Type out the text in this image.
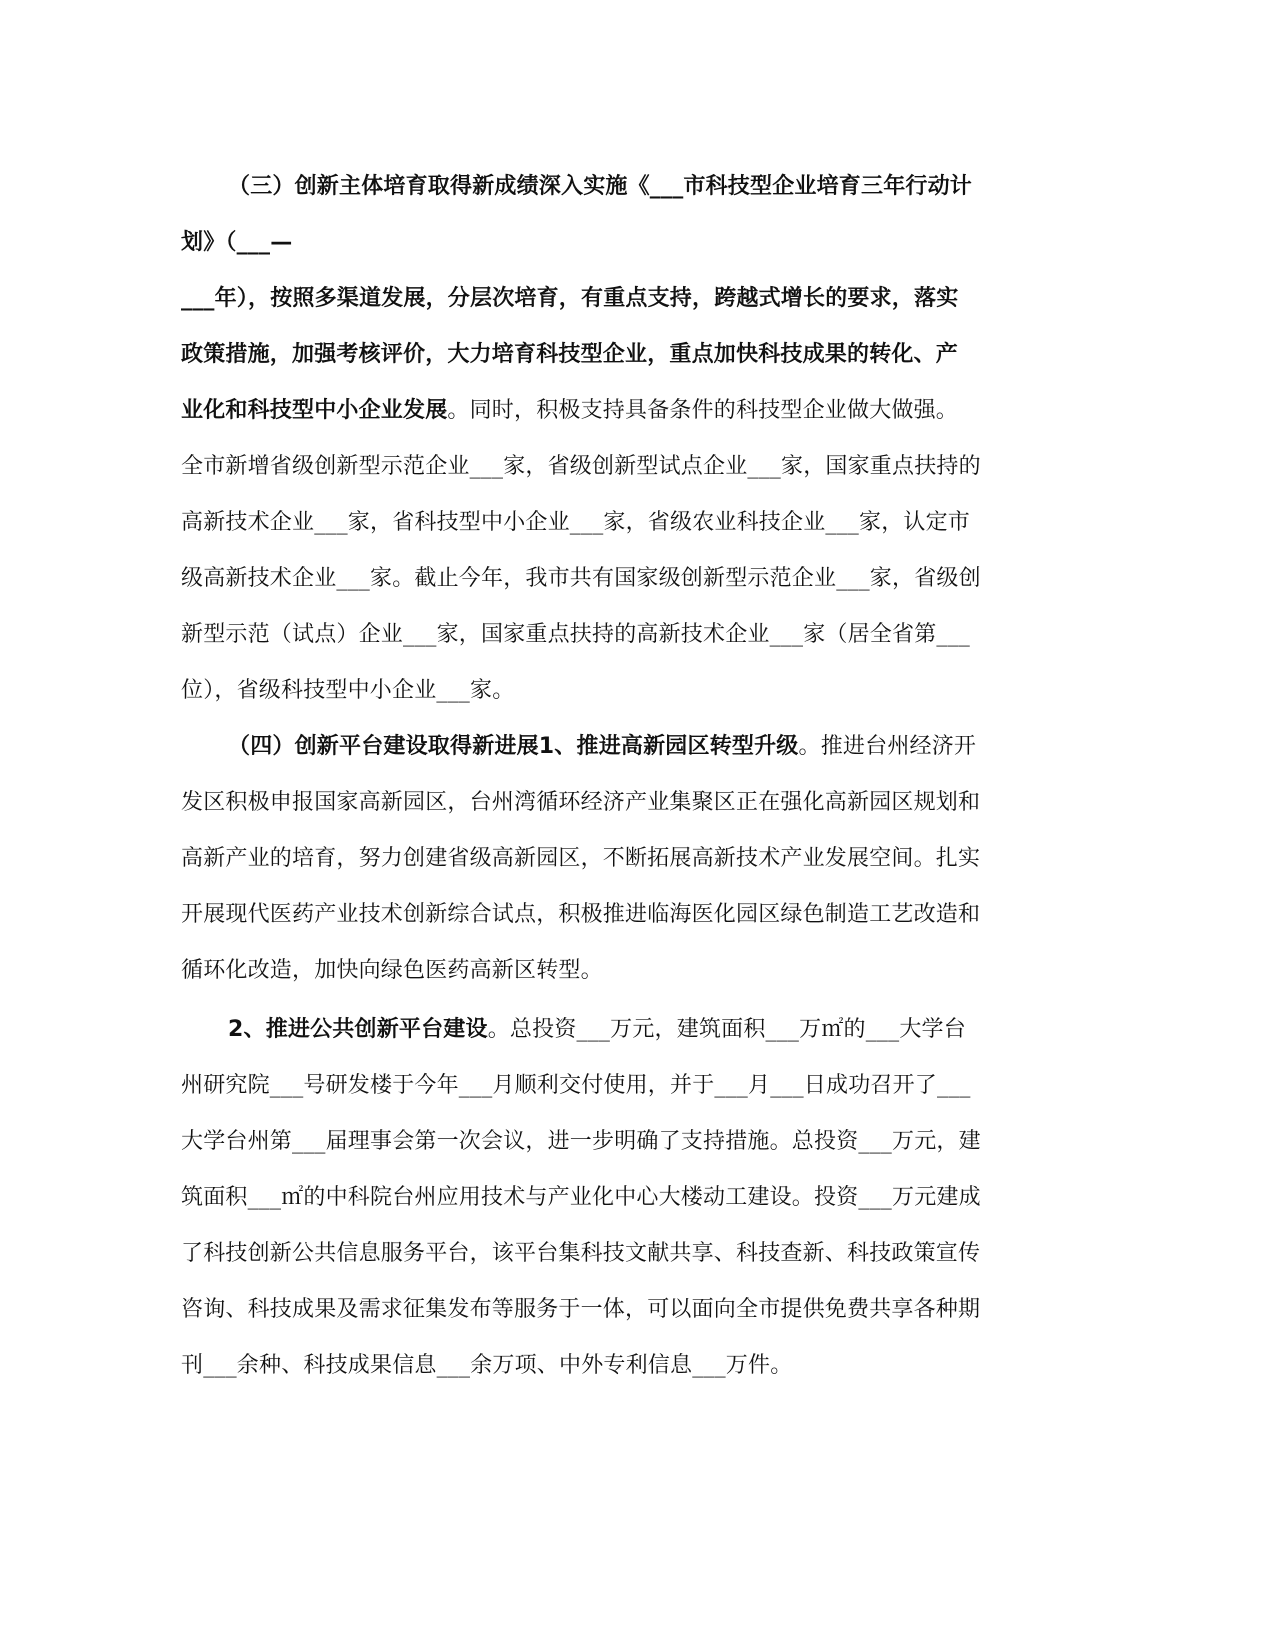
（三）创新主体培育取得新成绩深入实施《___市科技型企业培育三年行动计
划》（___—
___年），按照多渠道发展，分层次培育，有重点支持，跨越式增长的要求，落实
政策措施，加强考核评价，大力培育科技型企业，重点加快科技成果的转化、产
业化和科技型中小企业发展。同时，积极支持具备条件的科技型企业做大做强。
全市新增省级创新型示范企业___家，省级创新型试点企业___家，国家重点扶持的
高新技术企业___家，省科技型中小企业___家，省级农业科技企业___家，认定市
级高新技术企业___家。截止今年，我市共有国家级创新型示范企业___家，省级创
新型示范（试点）企业___家，国家重点扶持的高新技术企业___家（居全省第___
位），省级科技型中小企业___家。
（四）创新平台建设取得新进展1、推进高新园区转型升级。推进台州经济开
发区积极申报国家高新园区，台州湾循环经济产业集聚区正在强化高新园区规划和
高新产业的培育，努力创建省级高新园区，不断拓展高新技术产业发展空间。扎实
开展现代医药产业技术创新综合试点，积极推进临海医化园区绿色制造工艺改造和
循环化改造，加快向绿色医药高新区转型。
2、推进公共创新平台建设。总投资___万元，建筑面积___万㎡的___大学台
州研究院___号研发楼于今年___月顺利交付使用，并于___月___日成功召开了___
大学台州第___届理事会第一次会议，进一步明确了支持措施。总投资___万元，建
筑面积___㎡的中科院台州应用技术与产业化中心大楼动工建设。投资___万元建成
了科技创新公共信息服务平台，该平台集科技文献共享、科技查新、科技政策宣传
咨询、科技成果及需求征集发布等服务于一体，可以面向全市提供免费共享各种期
刊___余种、科技成果信息___余万项、中外专利信息___万件。
